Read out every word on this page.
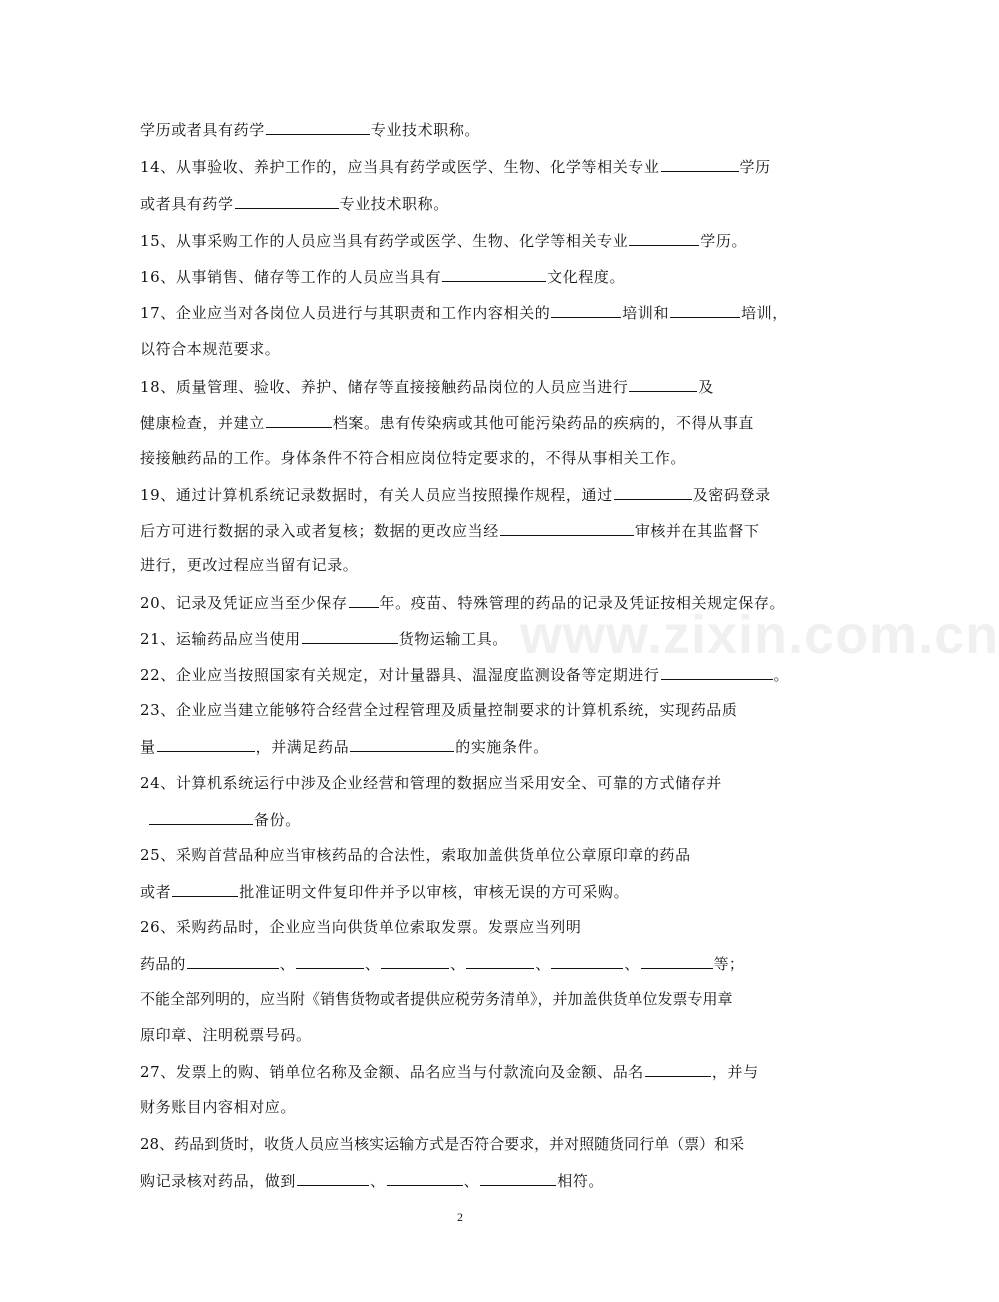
www.zixin.com.cn
学历或者具有药学	专业技术职称。
14、从事验收、养护工作的，应当具有药学或医学、生物、化学等相关专业	学历
或者具有药学	专业技术职称。
15、从事采购工作的人员应当具有药学或医学、生物、化学等相关专业	学历。
16、从事销售、储存等工作的人员应当具有	文化程度。
17、企业应当对各岗位人员进行与其职责和工作内容相关的	培训和	培训，
以符合本规范要求。
18、质量管理、验收、养护、储存等直接接触药品岗位的人员应当进行	及
健康检查，并建立	档案。患有传染病或其他可能污染药品的疾病的，不得从事直
接接触药品的工作。身体条件不符合相应岗位特定要求的，不得从事相关工作。
19、通过计算机系统记录数据时，有关人员应当按照操作规程，通过	及密码登录
后方可进行数据的录入或者复核；数据的更改应当经	审核并在其监督下
进行，更改过程应当留有记录。
20、记录及凭证应当至少保存 年。疫苗、特殊管理的药品的记录及凭证按相关规定保存。
21、运输药品应当使用	货物运输工具。
22、企业应当按照国家有关规定，对计量器具、温湿度监测设备等定期进行	。
23、企业应当建立能够符合经营全过程管理及质量控制要求的计算机系统，实现药品质
量	，并满足药品	的实施条件。
24、计算机系统运行中涉及企业经营和管理的数据应当采用安全、可靠的方式储存并
备份。
25、采购首营品种应当审核药品的合法性，索取加盖供货单位公章原印章的药品
或者	批准证明文件复印件并予以审核，审核无误的方可采购。
26、采购药品时，企业应当向供货单位索取发票。发票应当列明
药品的	、	、	、	、	、	等；
不能全部列明的，应当附《销售货物或者提供应税劳务清单》，并加盖供货单位发票专用章
原印章、注明税票号码。
27、发票上的购、销单位名称及金额、品名应当与付款流向及金额、品名	，并与
财务账目内容相对应。
28、药品到货时，收货人员应当核实运输方式是否符合要求，并对照随货同行单（票）和采
购记录核对药品，做到	、	、	相符。
2
